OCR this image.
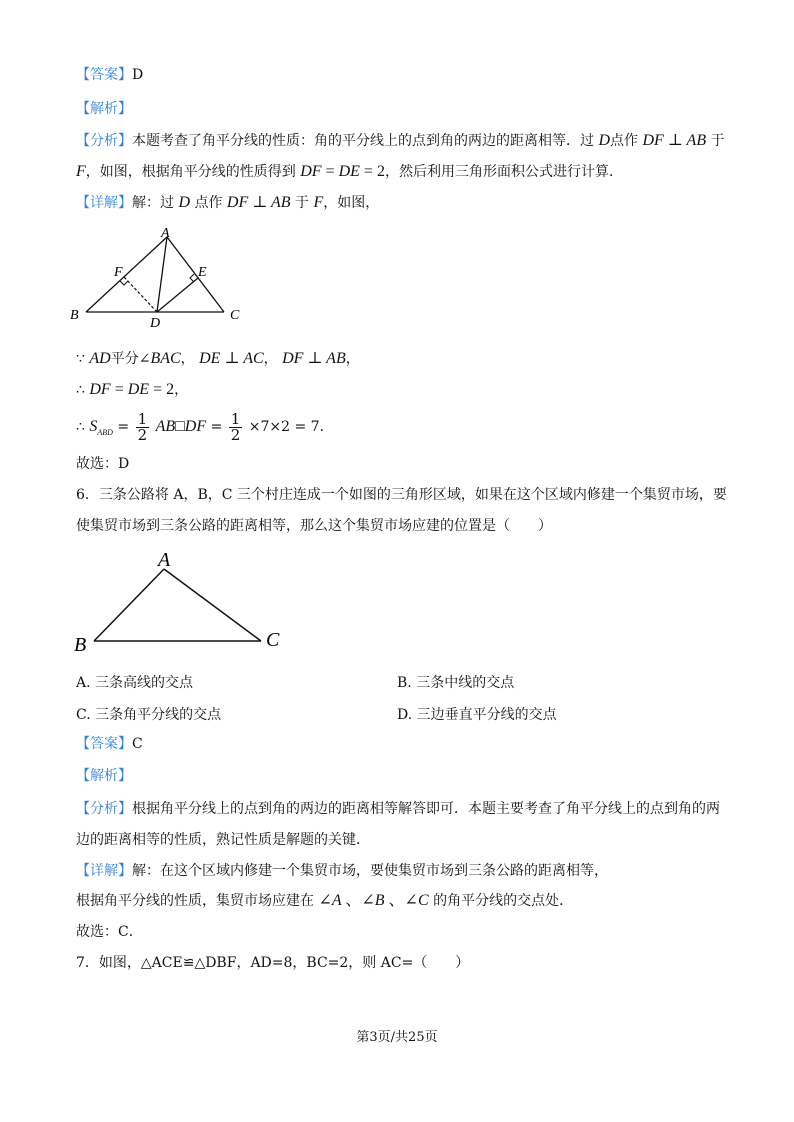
【答案】D
【解析】
【分析】本题考查了角平分线的性质：角的平分线上的点到角的两边的距离相等．过 D点作 DF ⊥ AB 于
F，如图，根据角平分线的性质得到 DF = DE = 2，然后利用三角形面积公式进行计算．
【详解】解：过 D 点作 DF ⊥ AB 于 F，如图，
A
F	E
B
D
C
∵ AD平分∠BAC， DE ⊥ AC， DF ⊥ AB，
∴ DF = DE = 2，
∴ $S_{ABD} = \frac{1}{2}$ AB□DF = $\frac{1}{2} \times 7\times 2 = 7$．
故选：D
6．三条公路将 A，B，C 三个村庄连成一个如图的三角形区域，如果在这个区域内修建一个集贸市场，要
使集贸市场到三条公路的距离相等，那么这个集贸市场应建的位置是（　　）
A
B	C
A. 三条高线的交点	B. 三条中线的交点
C. 三条角平分线的交点	D. 三边垂直平分线的交点
【答案】C
【解析】
【分析】根据角平分线上的点到角的两边的距离相等解答即可．本题主要考查了角平分线上的点到角的两
边的距离相等的性质，熟记性质是解题的关键．
【详解】解：在这个区域内修建一个集贸市场，要使集贸市场到三条公路的距离相等，
根据角平分线的性质，集贸市场应建在 ∠A 、∠B 、∠C 的角平分线的交点处．
故选：C．
7．如图，△ACE≌△DBF，AD=8，BC=2，则 AC=（　　）
第3页/共25页
